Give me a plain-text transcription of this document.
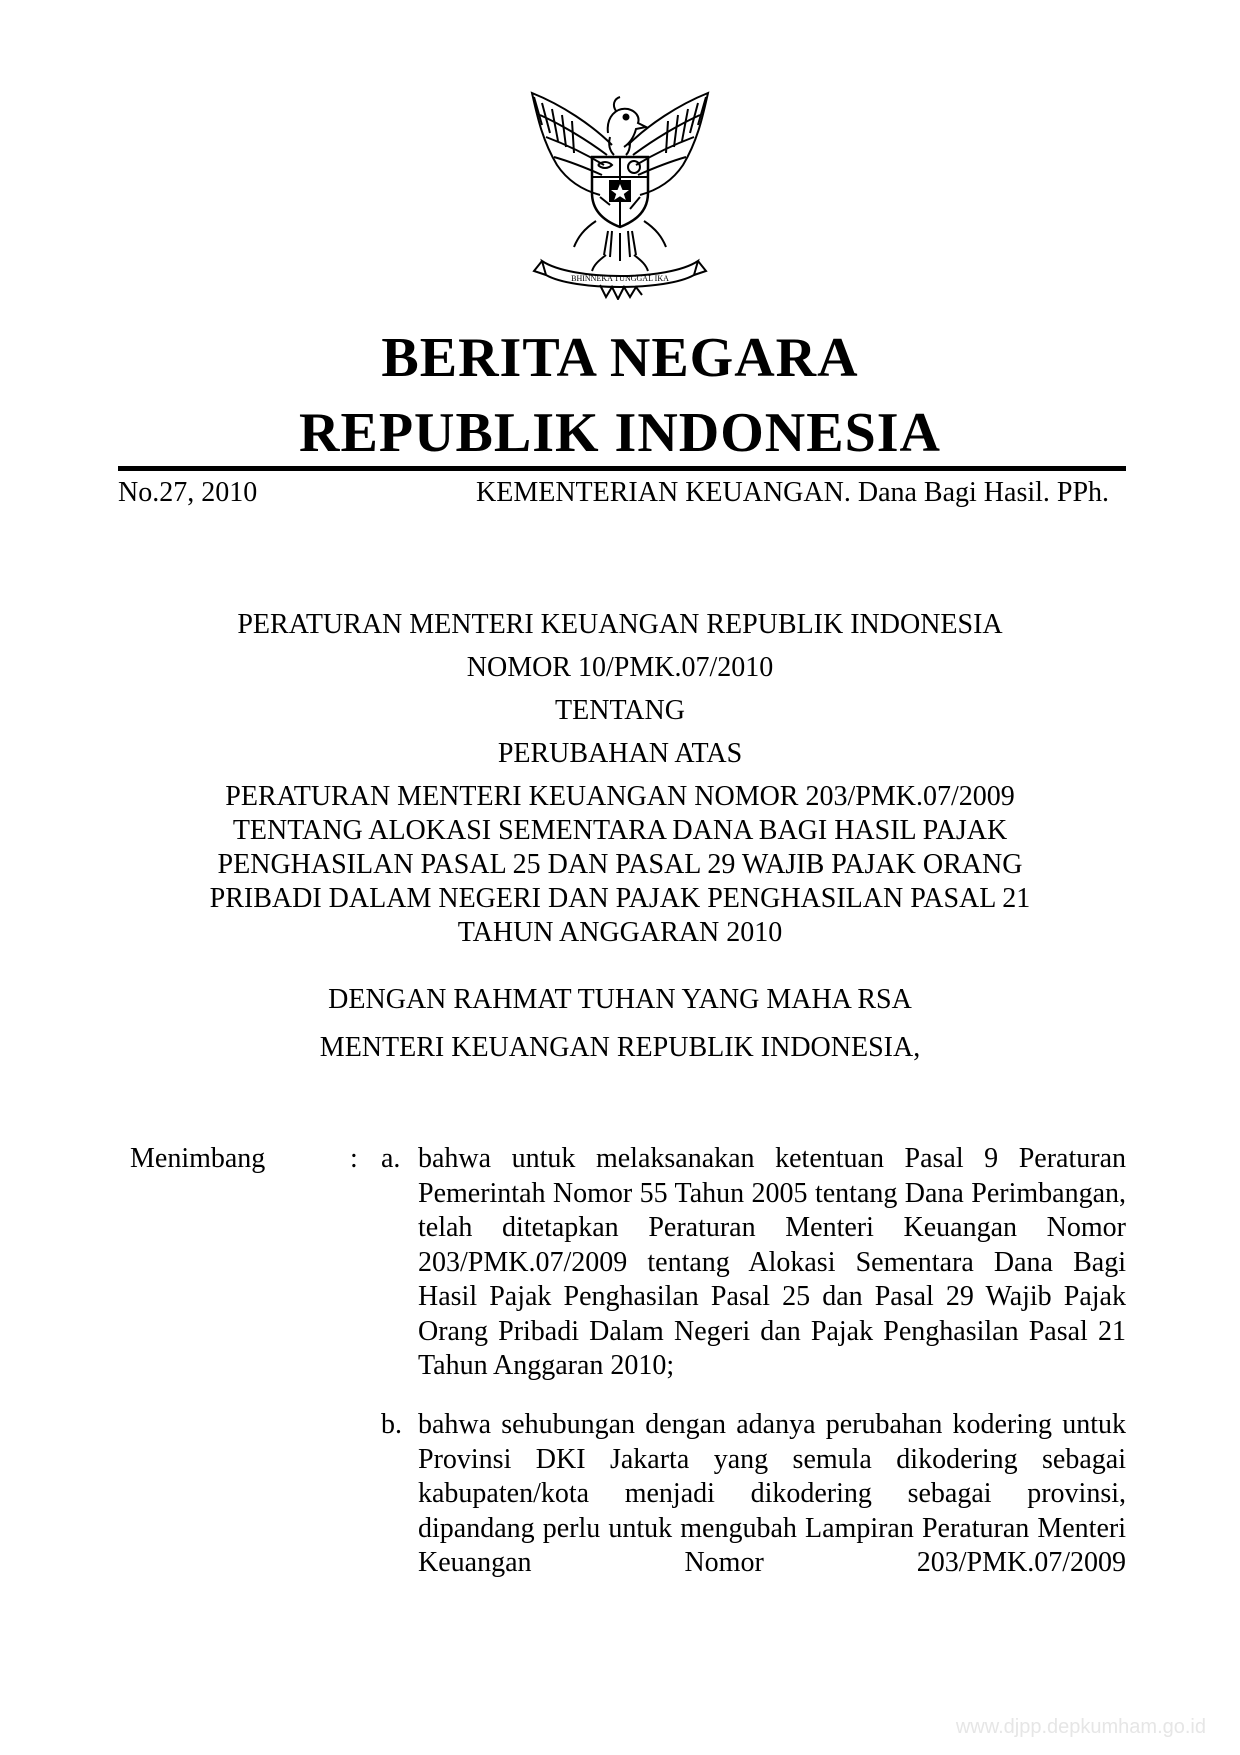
BHINNEKA TUNGGAL IKA
BERITA NEGARA
REPUBLIK INDONESIA
No.27, 2010	KEMENTERIAN KEUANGAN. Dana Bagi Hasil. PPh.
PERATURAN MENTERI KEUANGAN REPUBLIK INDONESIA
NOMOR 10/PMK.07/2010
TENTANG
PERUBAHAN ATAS
PERATURAN MENTERI KEUANGAN NOMOR 203/PMK.07/2009
TENTANG ALOKASI SEMENTARA DANA BAGI HASIL PAJAK
PENGHASILAN PASAL 25 DAN PASAL 29 WAJIB PAJAK ORANG
PRIBADI DALAM NEGERI DAN PAJAK PENGHASILAN PASAL 21
TAHUN ANGGARAN 2010
DENGAN RAHMAT TUHAN YANG MAHA RSA
MENTERI KEUANGAN REPUBLIK INDONESIA,
Menimbang	: a. bahwa untuk melaksanakan ketentuan Pasal 9 Peraturan Pemerintah Nomor 55 Tahun 2005 tentang Dana Perimbangan, telah ditetapkan Peraturan Menteri Keuangan Nomor 203/PMK.07/2009 tentang Alokasi Sementara Dana Bagi Hasil Pajak Penghasilan Pasal 25 dan Pasal 29 Wajib Pajak Orang Pribadi Dalam Negeri dan Pajak Penghasilan Pasal 21 Tahun Anggaran 2010;
b. bahwa sehubungan dengan adanya perubahan kodering untuk Provinsi DKI Jakarta yang semula dikodering sebagai kabupaten/kota menjadi dikodering sebagai provinsi, dipandang perlu untuk mengubah Lampiran Peraturan Menteri Keuangan Nomor 203/PMK.07/2009
www.djpp.depkumham.go.id
